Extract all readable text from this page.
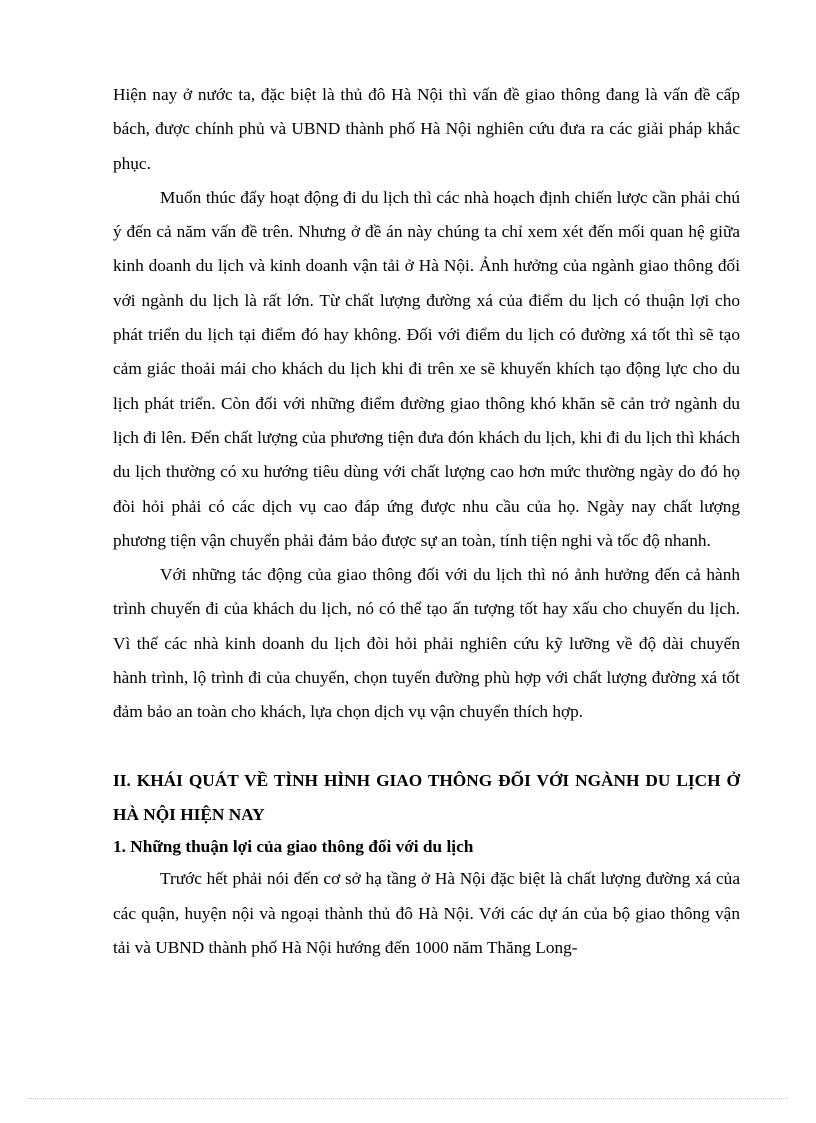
Hiện nay ở nước ta, đặc biệt là thủ đô Hà Nội thì vấn đề giao thông đang là vấn đề cấp bách, được chính phủ và UBND thành phố Hà Nội nghiên cứu đưa ra các giải pháp khắc phục.

Muốn thúc đẩy hoạt động đi du lịch thì các nhà hoạch định chiến lược cần phải chú ý đến cả năm vấn đề trên. Nhưng ở đề án này chúng ta chỉ xem xét đến mối quan hệ giữa kinh doanh du lịch và kinh doanh vận tải ở Hà Nội. Ảnh hưởng của ngành giao thông đối với ngành du lịch là rất lớn. Từ chất lượng đường xá của điểm du lịch có thuận lợi cho phát triển du lịch tại điểm đó hay không. Đối với điểm du lịch có đường xá tốt thì sẽ tạo cảm giác thoải mái cho khách du lịch khi đi trên xe sẽ khuyến khích tạo động lực cho du lịch phát triển. Còn đối với những điểm đường giao thông khó khăn sẽ cản trở ngành du lịch đi lên. Đến chất lượng của phương tiện đưa đón khách du lịch, khi đi du lịch thì khách du lịch thường có xu hướng tiêu dùng với chất lượng cao hơn mức thường ngày do đó họ đòi hỏi phải có các dịch vụ cao đáp ứng được nhu cầu của họ. Ngày nay chất lượng phương tiện vận chuyển phải đảm bảo được sự an toàn, tính tiện nghi và tốc độ nhanh.

Với những tác động của giao thông đối với du lịch thì nó ảnh hưởng đến cả hành trình chuyến đi của khách du lịch, nó có thể tạo ấn tượng tốt hay xấu cho chuyến du lịch. Vì thế các nhà kinh doanh du lịch đòi hỏi phải nghiên cứu kỹ lưỡng về độ dài chuyến hành trình, lộ trình đi của chuyến, chọn tuyến đường phù hợp với chất lượng đường xá tốt đảm bảo an toàn cho khách, lựa chọn dịch vụ vận chuyển thích hợp.

II. KHÁI QUÁT VỀ TÌNH HÌNH GIAO THÔNG ĐỐI VỚI NGÀNH DU LỊCH Ở HÀ NỘI HIỆN NAY

1. Những thuận lợi của giao thông đối với du lịch

Trước hết phải nói đến cơ sở hạ tầng ở Hà Nội đặc biệt là chất lượng đường xá của các quận, huyện nội và ngoại thành thủ đô Hà Nội. Với các dự án của bộ giao thông vận tải và UBND thành phố Hà Nội hướng đến 1000 năm Thăng Long-
